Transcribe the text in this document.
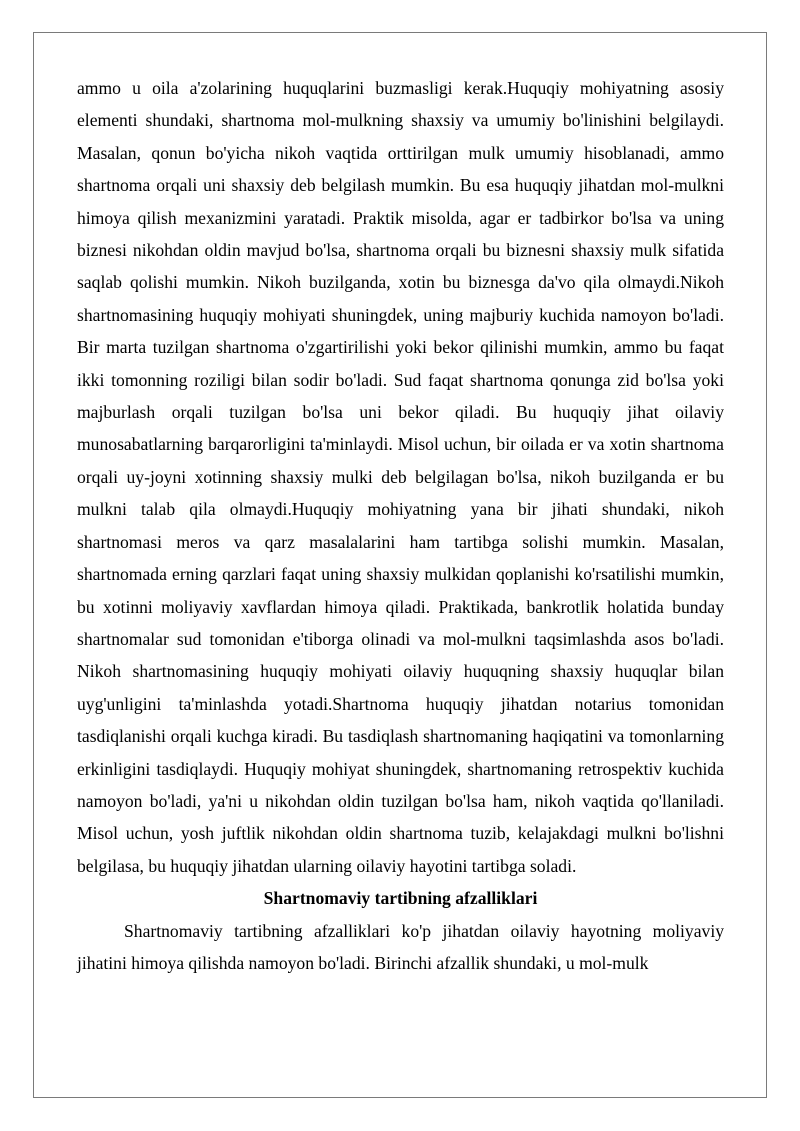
ammo u oila a'zolarining huquqlarini buzmasligi kerak.Huquqiy mohiyatning asosiy elementi shundaki, shartnoma mol-mulkning shaxsiy va umumiy bo'linishini belgilaydi. Masalan, qonun bo'yicha nikoh vaqtida orttirilgan mulk umumiy hisoblanadi, ammo shartnoma orqali uni shaxsiy deb belgilash mumkin. Bu esa huquqiy jihatdan mol-mulkni himoya qilish mexanizmini yaratadi. Praktik misolda, agar er tadbirkor bo'lsa va uning biznesi nikohdan oldin mavjud bo'lsa, shartnoma orqali bu biznesni shaxsiy mulk sifatida saqlab qolishi mumkin. Nikoh buzilganda, xotin bu biznesga da'vo qila olmaydi.Nikoh shartnomasining huquqiy mohiyati shuningdek, uning majburiy kuchida namoyon bo'ladi. Bir marta tuzilgan shartnoma o'zgartirilishi yoki bekor qilinishi mumkin, ammo bu faqat ikki tomonning roziligi bilan sodir bo'ladi. Sud faqat shartnoma qonunga zid bo'lsa yoki majburlash orqali tuzilgan bo'lsa uni bekor qiladi. Bu huquqiy jihat oilaviy munosabatlarning barqarorligini ta'minlaydi. Misol uchun, bir oilada er va xotin shartnoma orqali uy-joyni xotinning shaxsiy mulki deb belgilagan bo'lsa, nikoh buzilganda er bu mulkni talab qila olmaydi.Huquqiy mohiyatning yana bir jihati shundaki, nikoh shartnomasi meros va qarz masalalarini ham tartibga solishi mumkin. Masalan, shartnomada erning qarzlari faqat uning shaxsiy mulkidan qoplanishi ko'rsatilishi mumkin, bu xotinni moliyaviy xavflardan himoya qiladi. Praktikada, bankrotlik holatida bunday shartnomalar sud tomonidan e'tiborga olinadi va mol-mulkni taqsimlashda asos bo'ladi. Nikoh shartnomasining huquqiy mohiyati oilaviy huquqning shaxsiy huquqlar bilan uyg'unligini ta'minlashda yotadi.Shartnoma huquqiy jihatdan notarius tomonidan tasdiqlanishi orqali kuchga kiradi. Bu tasdiqlash shartnomaning haqiqatini va tomonlarning erkinligini tasdiqlaydi. Huquqiy mohiyat shuningdek, shartnomaning retrospektiv kuchida namoyon bo'ladi, ya'ni u nikohdan oldin tuzilgan bo'lsa ham, nikoh vaqtida qo'llaniladi. Misol uchun, yosh juftlik nikohdan oldin shartnoma tuzib, kelajakdagi mulkni bo'lishni belgilasa, bu huquqiy jihatdan ularning oilaviy hayotini tartibga soladi.

Shartnomaviy tartibning afzalliklari

Shartnomaviy tartibning afzalliklari ko'p jihatdan oilaviy hayotning moliyaviy jihatini himoya qilishda namoyon bo'ladi. Birinchi afzallik shundaki, u mol-mulk
